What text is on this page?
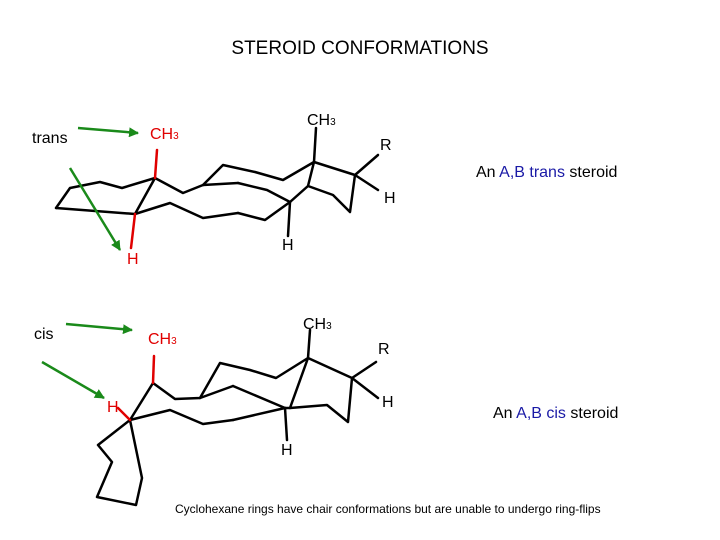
STEROID CONFORMATIONS
trans	CH3
CH3
R
H
H
H
An A,B trans steroid
cis	CH3
CH3
R
H
H
H	An A,B cis steroid
Cyclohexane rings have chair conformations but are unable to undergo ring-flips
